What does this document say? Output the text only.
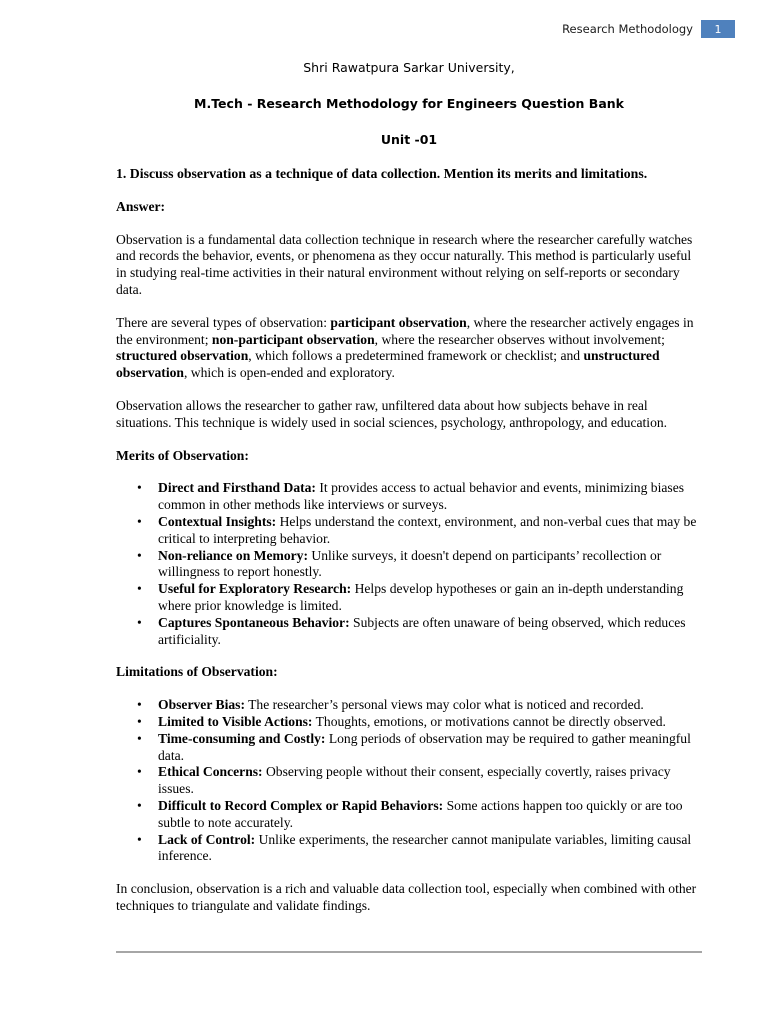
Research Methodology	1

Shri Rawatpura Sarkar University,

M.Tech - Research Methodology for Engineers Question Bank

Unit -01

1. Discuss observation as a technique of data collection. Mention its merits and limitations.

Answer:

Observation is a fundamental data collection technique in research where the researcher carefully watches and records the behavior, events, or phenomena as they occur naturally. This method is particularly useful in studying real-time activities in their natural environment without relying on self-reports or secondary data.

There are several types of observation: participant observation, where the researcher actively engages in the environment; non-participant observation, where the researcher observes without involvement; structured observation, which follows a predetermined framework or checklist; and unstructured observation, which is open-ended and exploratory.

Observation allows the researcher to gather raw, unfiltered data about how subjects behave in real situations. This technique is widely used in social sciences, psychology, anthropology, and education.

Merits of Observation:

• Direct and Firsthand Data: It provides access to actual behavior and events, minimizing biases common in other methods like interviews or surveys.
• Contextual Insights: Helps understand the context, environment, and non-verbal cues that may be critical to interpreting behavior.
• Non-reliance on Memory: Unlike surveys, it doesn't depend on participants’ recollection or willingness to report honestly.
• Useful for Exploratory Research: Helps develop hypotheses or gain an in-depth understanding where prior knowledge is limited.
• Captures Spontaneous Behavior: Subjects are often unaware of being observed, which reduces artificiality.

Limitations of Observation:

• Observer Bias: The researcher’s personal views may color what is noticed and recorded.
• Limited to Visible Actions: Thoughts, emotions, or motivations cannot be directly observed.
• Time-consuming and Costly: Long periods of observation may be required to gather meaningful data.
• Ethical Concerns: Observing people without their consent, especially covertly, raises privacy issues.
• Difficult to Record Complex or Rapid Behaviors: Some actions happen too quickly or are too subtle to note accurately.
• Lack of Control: Unlike experiments, the researcher cannot manipulate variables, limiting causal inference.

In conclusion, observation is a rich and valuable data collection tool, especially when combined with other techniques to triangulate and validate findings.
